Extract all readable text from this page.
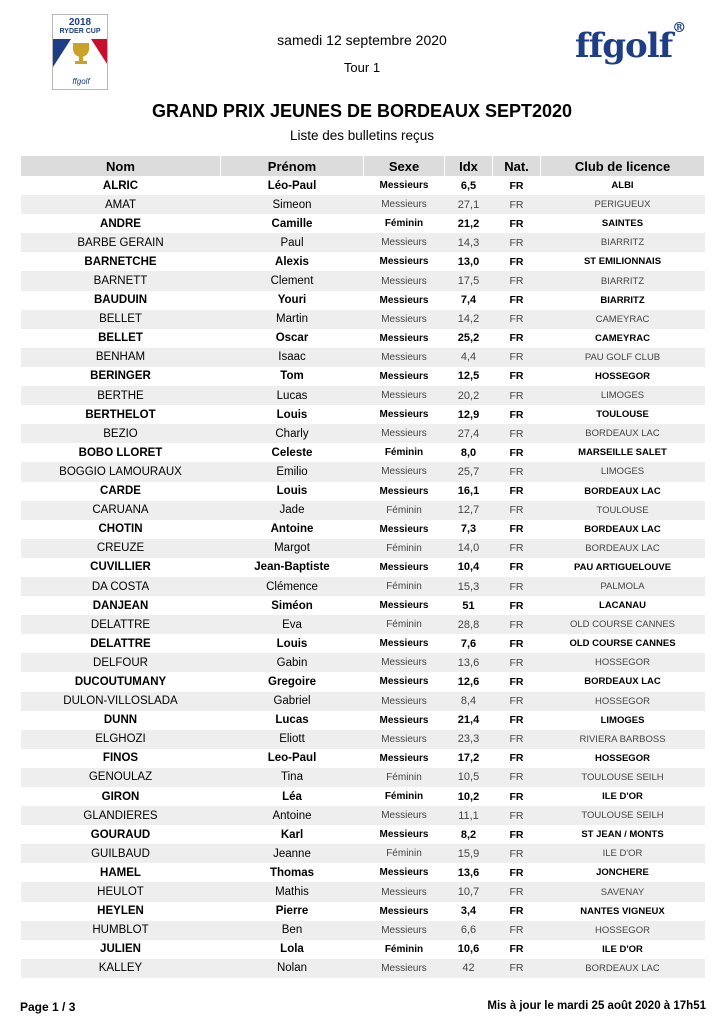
2018
RYDER CUP
ffgolf
samedi 12 septembre 2020
Tour 1
ffgolf®
GRAND PRIX JEUNES DE BORDEAUX SEPT2020
Liste des bulletins reçus
Nom	Prénom	Sexe	Idx	Nat.	Club de licence
ALRIC	Léo-Paul	Messieurs	6,5	FR	ALBI
AMAT	Simeon	Messieurs	27,1	FR	PERIGUEUX
ANDRE	Camille	Féminin	21,2	FR	SAINTES
BARBE GERAIN	Paul	Messieurs	14,3	FR	BIARRITZ
BARNETCHE	Alexis	Messieurs	13,0	FR	ST EMILIONNAIS
BARNETT	Clement	Messieurs	17,5	FR	BIARRITZ
BAUDUIN	Youri	Messieurs	7,4	FR	BIARRITZ
BELLET	Martin	Messieurs	14,2	FR	CAMEYRAC
BELLET	Oscar	Messieurs	25,2	FR	CAMEYRAC
BENHAM	Isaac	Messieurs	4,4	FR	PAU GOLF CLUB
BERINGER	Tom	Messieurs	12,5	FR	HOSSEGOR
BERTHE	Lucas	Messieurs	20,2	FR	LIMOGES
BERTHELOT	Louis	Messieurs	12,9	FR	TOULOUSE
BEZIO	Charly	Messieurs	27,4	FR	BORDEAUX LAC
BOBO LLORET	Celeste	Féminin	8,0	FR	MARSEILLE SALET
BOGGIO LAMOURAUX	Emilio	Messieurs	25,7	FR	LIMOGES
CARDE	Louis	Messieurs	16,1	FR	BORDEAUX LAC
CARUANA	Jade	Féminin	12,7	FR	TOULOUSE
CHOTIN	Antoine	Messieurs	7,3	FR	BORDEAUX LAC
CREUZE	Margot	Féminin	14,0	FR	BORDEAUX LAC
CUVILLIER	Jean-Baptiste	Messieurs	10,4	FR	PAU ARTIGUELOUVE
DA COSTA	Clémence	Féminin	15,3	FR	PALMOLA
DANJEAN	Siméon	Messieurs	51	FR	LACANAU
DELATTRE	Eva	Féminin	28,8	FR	OLD COURSE CANNES
DELATTRE	Louis	Messieurs	7,6	FR	OLD COURSE CANNES
DELFOUR	Gabin	Messieurs	13,6	FR	HOSSEGOR
DUCOUTUMANY	Gregoire	Messieurs	12,6	FR	BORDEAUX LAC
DULON-VILLOSLADA	Gabriel	Messieurs	8,4	FR	HOSSEGOR
DUNN	Lucas	Messieurs	21,4	FR	LIMOGES
ELGHOZI	Eliott	Messieurs	23,3	FR	RIVIERA BARBOSS
FINOS	Leo-Paul	Messieurs	17,2	FR	HOSSEGOR
GENOULAZ	Tina	Féminin	10,5	FR	TOULOUSE SEILH
GIRON	Léa	Féminin	10,2	FR	ILE D'OR
GLANDIERES	Antoine	Messieurs	11,1	FR	TOULOUSE SEILH
GOURAUD	Karl	Messieurs	8,2	FR	ST JEAN / MONTS
GUILBAUD	Jeanne	Féminin	15,9	FR	ILE D'OR
HAMEL	Thomas	Messieurs	13,6	FR	JONCHERE
HEULOT	Mathis	Messieurs	10,7	FR	SAVENAY
HEYLEN	Pierre	Messieurs	3,4	FR	NANTES VIGNEUX
HUMBLOT	Ben	Messieurs	6,6	FR	HOSSEGOR
JULIEN	Lola	Féminin	10,6	FR	ILE D'OR
KALLEY	Nolan	Messieurs	42	FR	BORDEAUX LAC
Page 1 / 3	Mis à jour le mardi 25 août 2020 à 17h51
